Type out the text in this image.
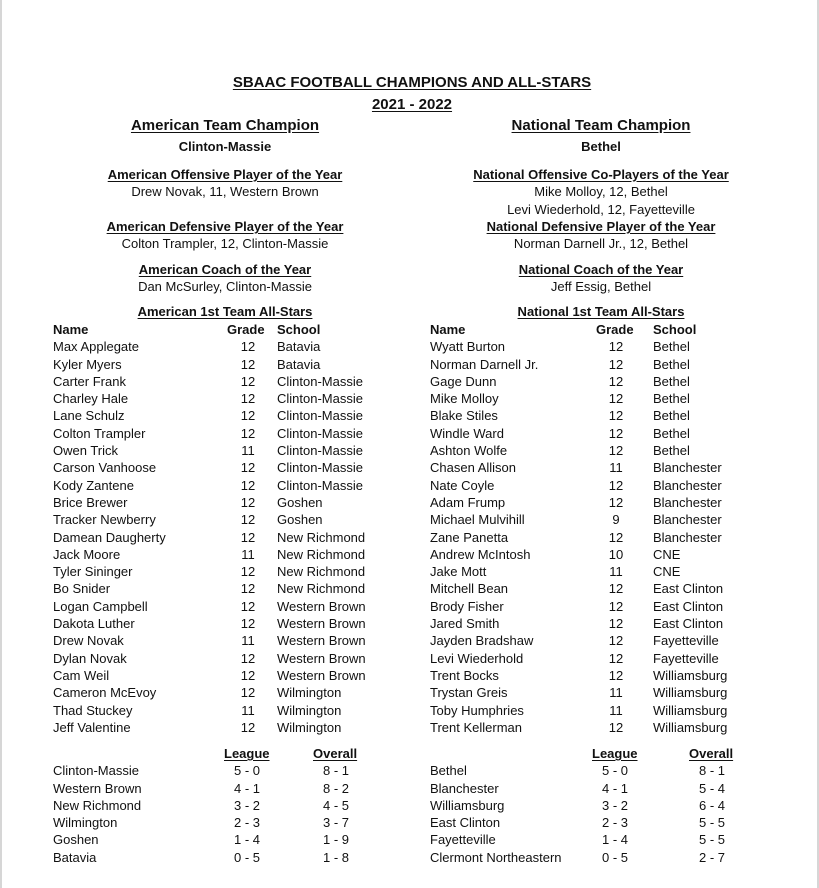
SBAAC FOOTBALL CHAMPIONS AND ALL-STARS
2021 - 2022
American Team Champion
Clinton-Massie
American Offensive Player of the Year
Drew Novak, 11, Western Brown
American Defensive Player of the Year
Colton Trampler, 12, Clinton-Massie
American Coach of the Year
Dan McSurley, Clinton-Massie
American 1st Team All-Stars
National Team Champion
Bethel
National Offensive Co-Players of the Year
Mike Molloy, 12, Bethel
Levi Wiederhold, 12, Fayetteville
National Defensive Player of the Year
Norman Darnell Jr., 12, Bethel
National Coach of the Year
Jeff Essig, Bethel
National 1st Team All-Stars
Name	Grade School
Max Applegate	12 Batavia
Kyler Myers	12 Batavia
Carter Frank	12 Clinton-Massie
Charley Hale	12 Clinton-Massie
Lane Schulz	12 Clinton-Massie
Colton Trampler	12 Clinton-Massie
Owen Trick	11 Clinton-Massie
Carson Vanhoose	12 Clinton-Massie
Kody Zantene	12 Clinton-Massie
Brice Brewer	12 Goshen
Tracker Newberry	12 Goshen
Damean Daugherty	12 New Richmond
Jack Moore	11 New Richmond
Tyler Sininger	12 New Richmond
Bo Snider	12 New Richmond
Logan Campbell	12 Western Brown
Dakota Luther	12 Western Brown
Drew Novak	11 Western Brown
Dylan Novak	12 Western Brown
Cam Weil	12 Western Brown
Cameron McEvoy	12 Wilmington
Thad Stuckey	11 Wilmington
Jeff Valentine	12 Wilmington
Name	Grade School
Wyatt Burton	12 Bethel
Norman Darnell Jr.	12 Bethel
Gage Dunn	12 Bethel
Mike Molloy	12 Bethel
Blake Stiles	12 Bethel
Windle Ward	12 Bethel
Ashton Wolfe	12 Bethel
Chasen Allison	11 Blanchester
Nate Coyle	12 Blanchester
Adam Frump	12 Blanchester
Michael Mulvihill	9	Blanchester
Zane Panetta	12 Blanchester
Andrew McIntosh	10 CNE
Jake Mott	11 CNE
Mitchell Bean	12 East Clinton
Brody Fisher	12 East Clinton
Jared Smith	12 East Clinton
Jayden Bradshaw	12 Fayetteville
Levi Wiederhold	12 Fayetteville
Trent Bocks	12 Williamsburg
Trystan Greis	11 Williamsburg
Toby Humphries	11 Williamsburg
Trent Kellerman	12 Williamsburg
League	Overall
Clinton-Massie	5 - 0	8 - 1
Western Brown	4 - 1	8 - 2
New Richmond	3 - 2	4 - 5
Wilmington	2 - 3	3 - 7
Goshen	1 - 4	1 - 9
Batavia	0 - 5	1 - 8
League	Overall
Bethel	5 - 0	8 - 1
Blanchester	4 - 1	5 - 4
Williamsburg	3 - 2	6 - 4
East Clinton	2 - 3	5 - 5
Fayetteville	1 - 4	5 - 5
Clermont Northeastern	0 - 5	2 - 7
